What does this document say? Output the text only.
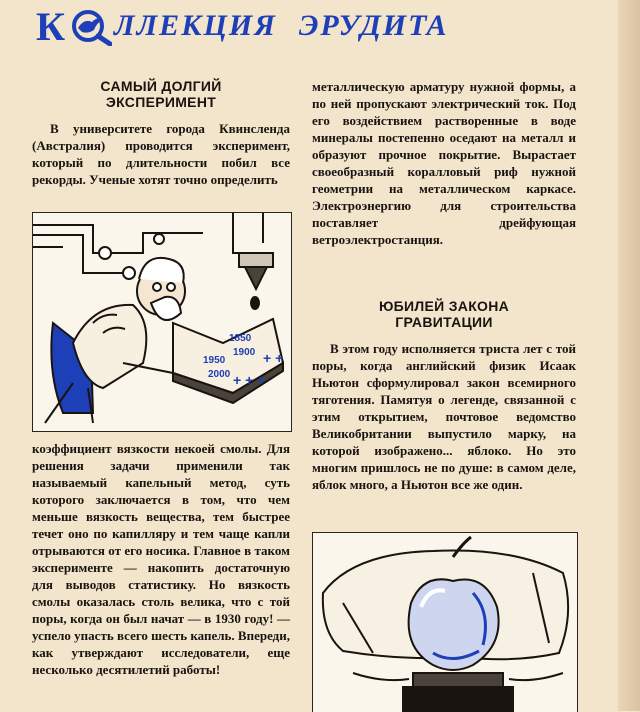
К ЛЛЕКЦИЯ ЭРУДИТА
САМЫЙ ДОЛГИЙ
ЭКСПЕРИМЕНТ

В университете города Квинсленда (Австралия) проводится эксперимент, который по длительности побил все рекорды. Ученые хотят точно определить

1850
1900
1950
2000
+ +
+ + +

коэффициент вязкости некоей смолы. Для решения задачи применили так называемый капельный метод, суть которого заключается в том, что чем меньше вязкость вещества, тем быстрее течет оно по капилляру и тем чаще капли отрываются от его носика. Главное в таком эксперименте — накопить достаточную для выводов статистику. Но вязкость смолы оказалась столь велика, что с той поры, когда он был начат — в 1930 году! — успело упасть всего шесть капель. Впереди, как утверждают исследователи, еще несколько десятилетий работы!

металлическую арматуру нужной формы, а по ней пропускают электрический ток. Под его воздействием растворенные в воде минералы постепенно оседают на металл и образуют прочное покрытие. Вырастает своеобразный коралловый риф нужной геометрии на металлическом каркасе. Электроэнергию для строительства поставляет дрейфующая ветроэлектростанция.

ЮБИЛЕЙ ЗАКОНА
ГРАВИТАЦИИ

В этом году исполняется триста лет с той поры, когда английский физик Исаак Ньютон сформулировал закон всемирного тяготения. Памятуя о легенде, связанной с этим открытием, почтовое ведомство Великобритании выпустило марку, на которой изображено... яблоко. Но это многим пришлось не по душе: в самом деле, яблок много, а Ньютон все же один.
